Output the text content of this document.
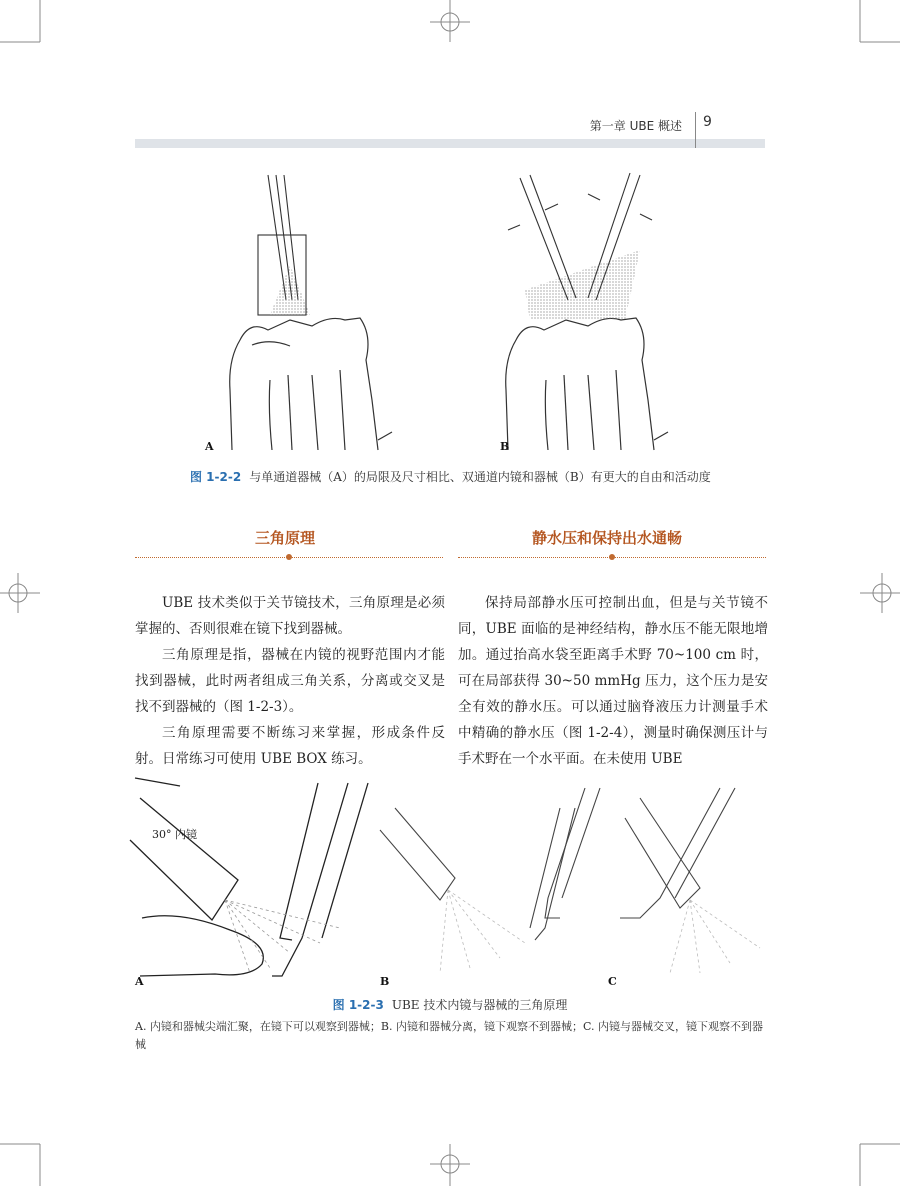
第一章 UBE 概述 9
A	B
图 1-2-2 与单通道器械（A）的局限及尺寸相比、双通道内镜和器械（B）有更大的自由和活动度
三角原理	静水压和保持出水通畅

UBE 技术类似于关节镜技术，三角原理是必须掌握的、否则很难在镜下找到器械。

三角原理是指，器械在内镜的视野范围内才能找到器械，此时两者组成三角关系，分离或交叉是找不到器械的（图 1-2-3）。

三角原理需要不断练习来掌握，形成条件反射。日常练习可使用 UBE BOX 练习。

保持局部静水压可控制出血，但是与关节镜不同，UBE 面临的是神经结构，静水压不能无限地增加。通过抬高水袋至距离手术野 70~100 cm 时，可在局部获得 30~50 mmHg 压力，这个压力是安全有效的静水压。可以通过脑脊液压力计测量手术中精确的静水压（图 1-2-4），测量时确保测压计与手术野在一个水平面。在未使用 UBE

30° 内镜
A	B	C
图 1-2-3 UBE 技术内镜与器械的三角原理
A. 内镜和器械尖端汇聚，在镜下可以观察到器械；B. 内镜和器械分离，镜下观察不到器械；C. 内镜与器械交叉，镜下观察不到器械
